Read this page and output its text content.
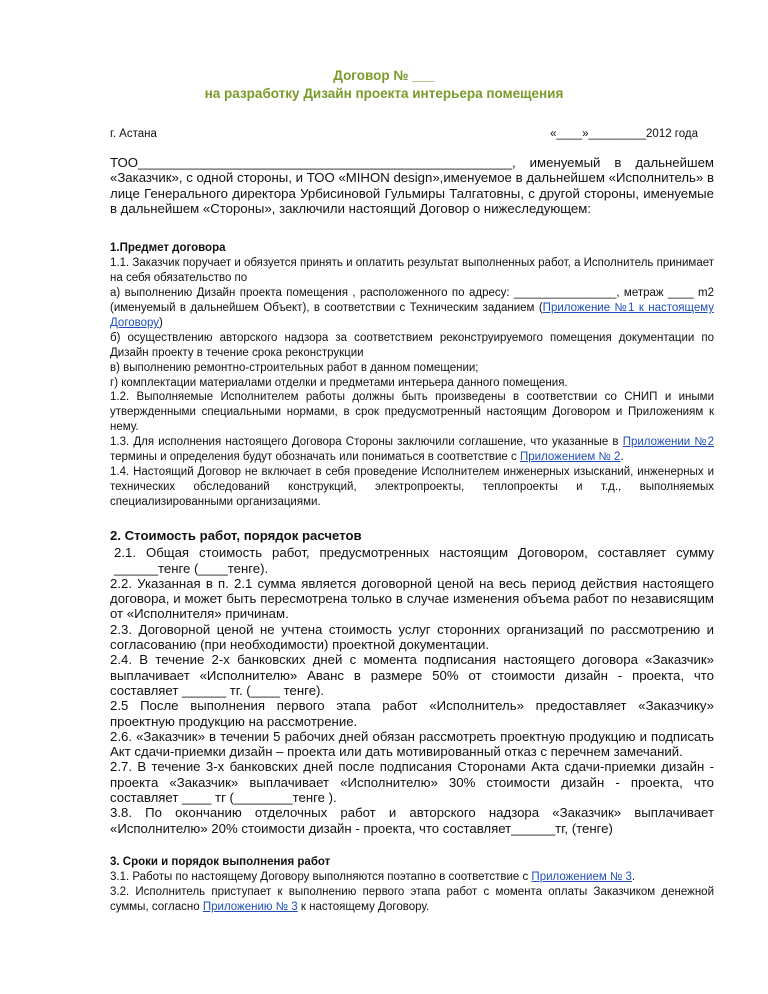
Договор № ___
на разработку Дизайн проекта интерьера помещения
г. Астана	«____»_________2012 года

ТОО___________________________________________________, именуемый в дальнейшем «Заказчик», с одной стороны, и ТОО «MIHON design»,именуемое в дальнейшем «Исполнитель» в лице Генерального директора Урбисиновой Гульмиры Талгатовны, с другой стороны, именуемые в дальнейшем «Стороны», заключили настоящий Договор о нижеследующем:

1.Предмет договора

1.1. Заказчик поручает и обязуется принять и оплатить результат выполненных работ, а Исполнитель принимает на себя обязательство по

а) выполнению Дизайн проекта помещения , расположенного по адресу: ________________, метраж ____ m2 (именуемый в дальнейшем Объект), в соответствии с Техническим заданием (Приложение №1 к настоящему Договору)

б) осуществлению авторского надзора за соответствием реконструируемого помещения документации по Дизайн проекту в течение срока реконструкции

в) выполнению ремонтно-строительных работ в данном помещении;

г) комплектации материалами отделки и предметами интерьера данного помещения.

1.2. Выполняемые Исполнителем работы должны быть произведены в соответствии со СНИП и иными утвержденными специальными нормами, в срок предусмотренный настоящим Договором и Приложениям к нему.

1.3. Для исполнения настоящего Договора Стороны заключили соглашение, что указанные в Приложении №2 термины и определения будут обозначать или пониматься в соответствие с Приложением № 2.

1.4. Настоящий Договор не включает в себя проведение Исполнителем инженерных изысканий, инженерных и технических обследований конструкций, электропроекты, теплопроекты и т.д., выполняемых специализированными организациями.

2. Стоимость работ, порядок расчетов

2.1. Общая стоимость работ, предусмотренных настоящим Договором, составляет сумму ______тенге (____тенге).

2.2. Указанная в п. 2.1 сумма является договорной ценой на весь период действия настоящего договора, и может быть пересмотрена только в случае изменения объема работ по независящим от «Исполнителя» причинам.

2.3. Договорной ценой не учтена стоимость услуг сторонних организаций по рассмотрению и согласованию (при необходимости) проектной документации.

2.4. В течение 2-х банковских дней с момента подписания настоящего договора «Заказчик» выплачивает «Исполнителю» Аванс в размере 50% от стоимости дизайн - проекта, что составляет ______ тг. (____ тенге).

2.5 После выполнения первого этапа работ «Исполнитель» предоставляет «Заказчику» проектную продукцию на рассмотрение.

2.6. «Заказчик» в течении 5 рабочих дней обязан рассмотреть проектную продукцию и подписать Акт сдачи-приемки дизайн – проекта или дать мотивированный отказ с перечнем замечаний.

2.7. В течение 3-х банковских дней после подписания Сторонами Акта сдачи-приемки дизайн - проекта «Заказчик» выплачивает «Исполнителю» 30% стоимости дизайн - проекта, что составляет ____ тг (________тенге ).

3.8. По окончанию отделочных работ и авторского надзора «Заказчик» выплачивает «Исполнителю» 20% стоимости дизайн - проекта, что составляет______тг, (тенге)

3. Сроки и порядок выполнения работ

3.1. Работы по настоящему Договору выполняются поэтапно в соответствие с Приложением № 3.

3.2. Исполнитель приступает к выполнению первого этапа работ с момента оплаты Заказчиком денежной суммы, согласно Приложению № 3 к настоящему Договору.
